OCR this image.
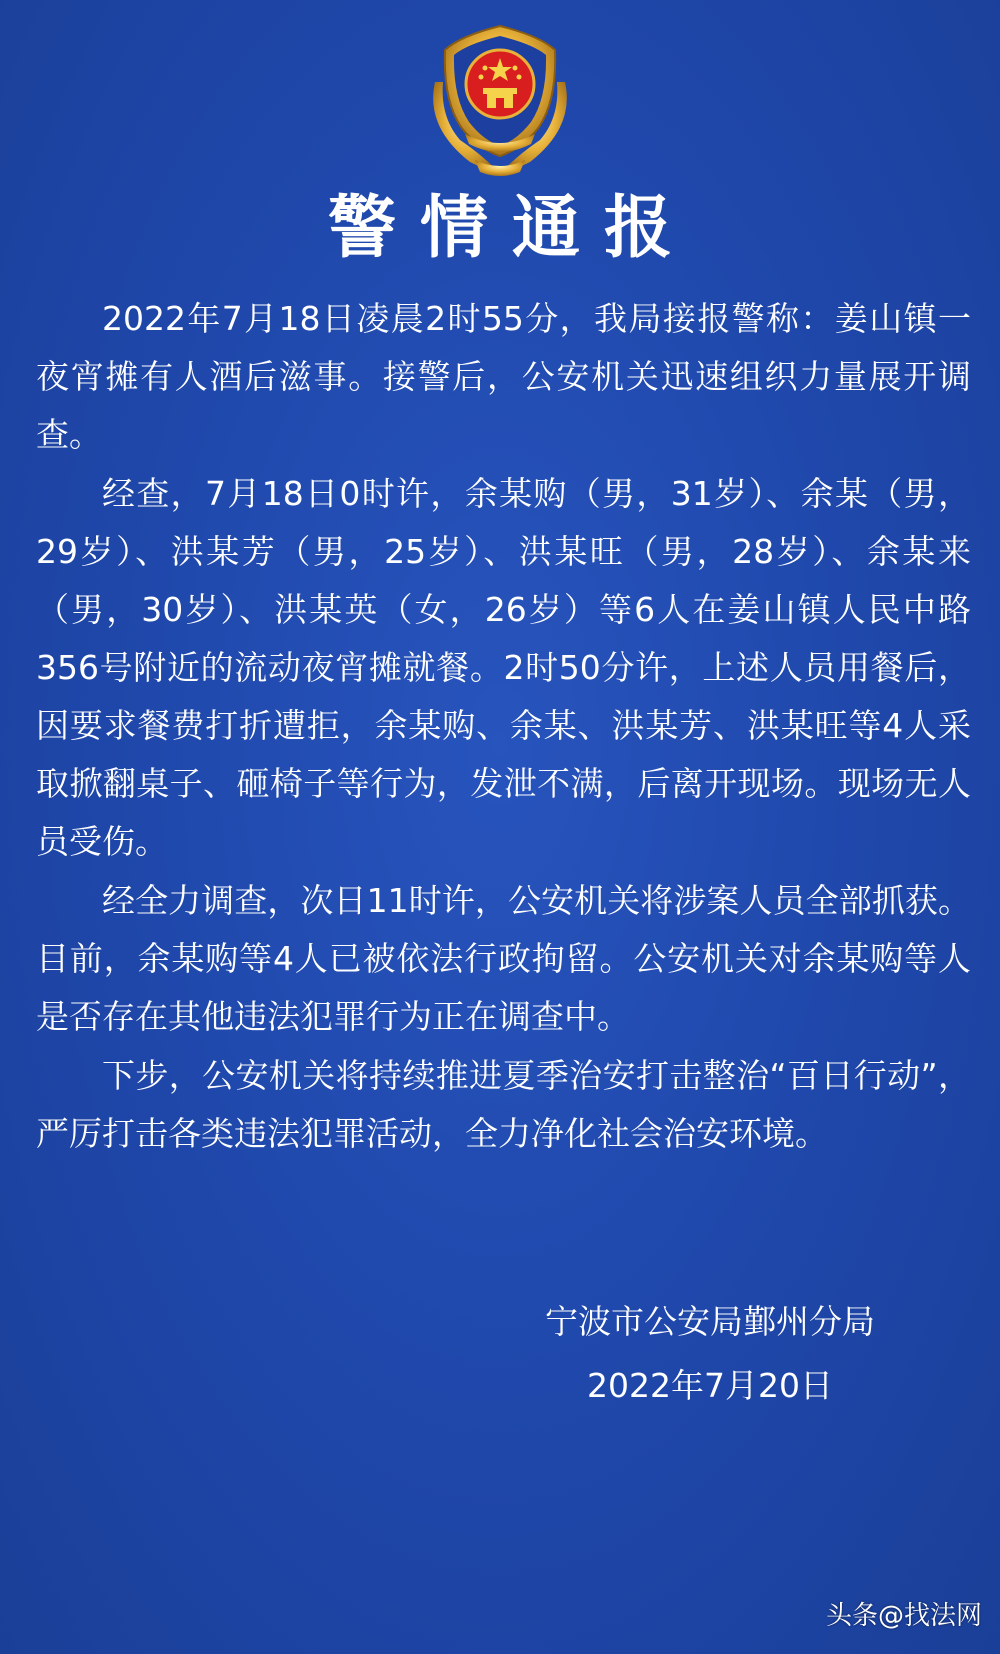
警情通报

2022年7月18日凌晨2时55分，我局接报警称：姜山镇一夜宵摊有人酒后滋事。接警后，公安机关迅速组织力量展开调查。

经查，7月18日0时许，余某购（男，31岁）、余某（男，29岁）、洪某芳（男，25岁）、洪某旺（男，28岁）、余某来（男，30岁）、洪某英（女，26岁）等6人在姜山镇人民中路356号附近的流动夜宵摊就餐。2时50分许，上述人员用餐后，因要求餐费打折遭拒，余某购、余某、洪某芳、洪某旺等4人采取掀翻桌子、砸椅子等行为，发泄不满，后离开现场。现场无人员受伤。

经全力调查，次日11时许，公安机关将涉案人员全部抓获。目前，余某购等4人已被依法行政拘留。公安机关对余某购等人是否存在其他违法犯罪行为正在调查中。

下步，公安机关将持续推进夏季治安打击整治“百日行动”，严厉打击各类违法犯罪活动，全力净化社会治安环境。

宁波市公安局鄞州分局
2022年7月20日
头条@找法网
